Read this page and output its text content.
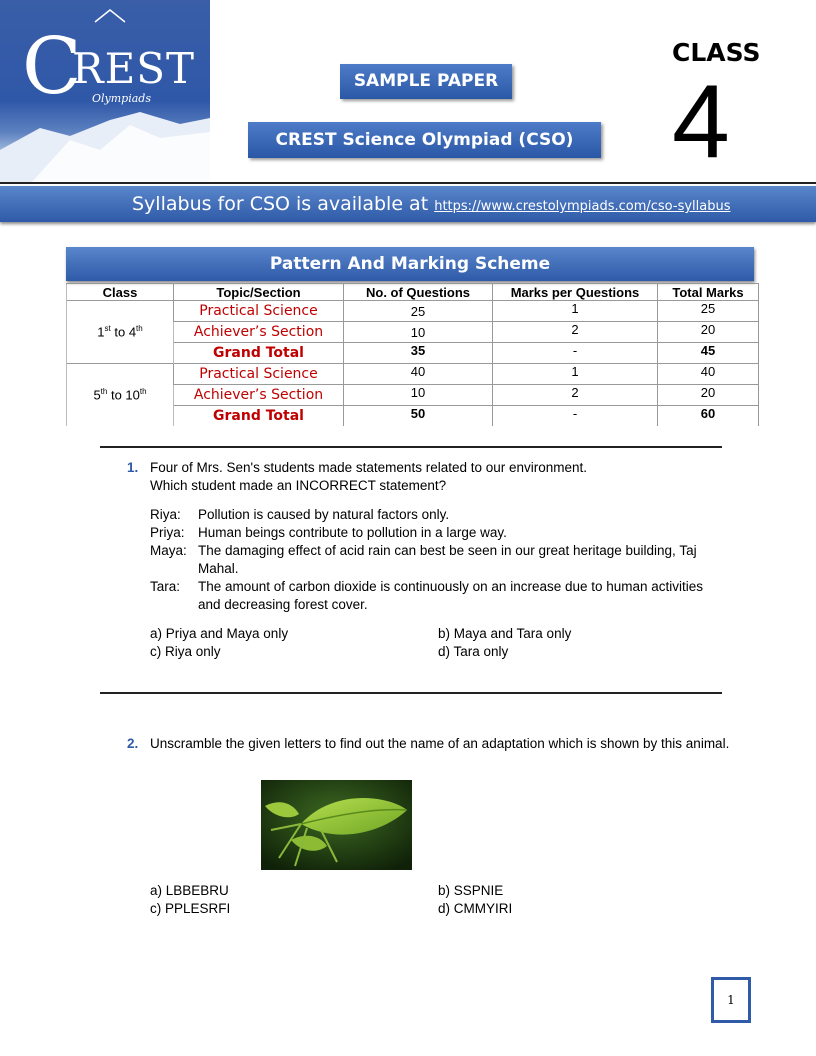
C
REST
Olympiads
SAMPLE PAPER
CREST Science Olympiad (CSO)
CLASS
4
Syllabus for CSO is available at https://www.crestolympiads.com/cso-syllabus
Pattern And Marking Scheme
Class	Topic/Section	No. of Questions	Marks per Questions	Total Marks
1st to 4th	Practical Science	25	1	25
	Achiever’s Section	10	2	20
	Grand Total	35	-	45
5th to 10th	Practical Science	40	1	40
	Achiever’s Section	10	2	20
	Grand Total	50	-	60
1. Four of Mrs. Sen's students made statements related to our environment.
Which student made an INCORRECT statement?
Riya: Pollution is caused by natural factors only.
Priya: Human beings contribute to pollution in a large way.
Maya: The damaging effect of acid rain can best be seen in our great heritage building, Taj Mahal.
Tara: The amount of carbon dioxide is continuously on an increase due to human activities and decreasing forest cover.
a) Priya and Maya only	b) Maya and Tara only
c) Riya only	d) Tara only
2. Unscramble the given letters to find out the name of an adaptation which is shown by this animal.
a) LBBEBRU	b) SSPNIE
c) PPLESRFI	d) CMMYIRI
1
